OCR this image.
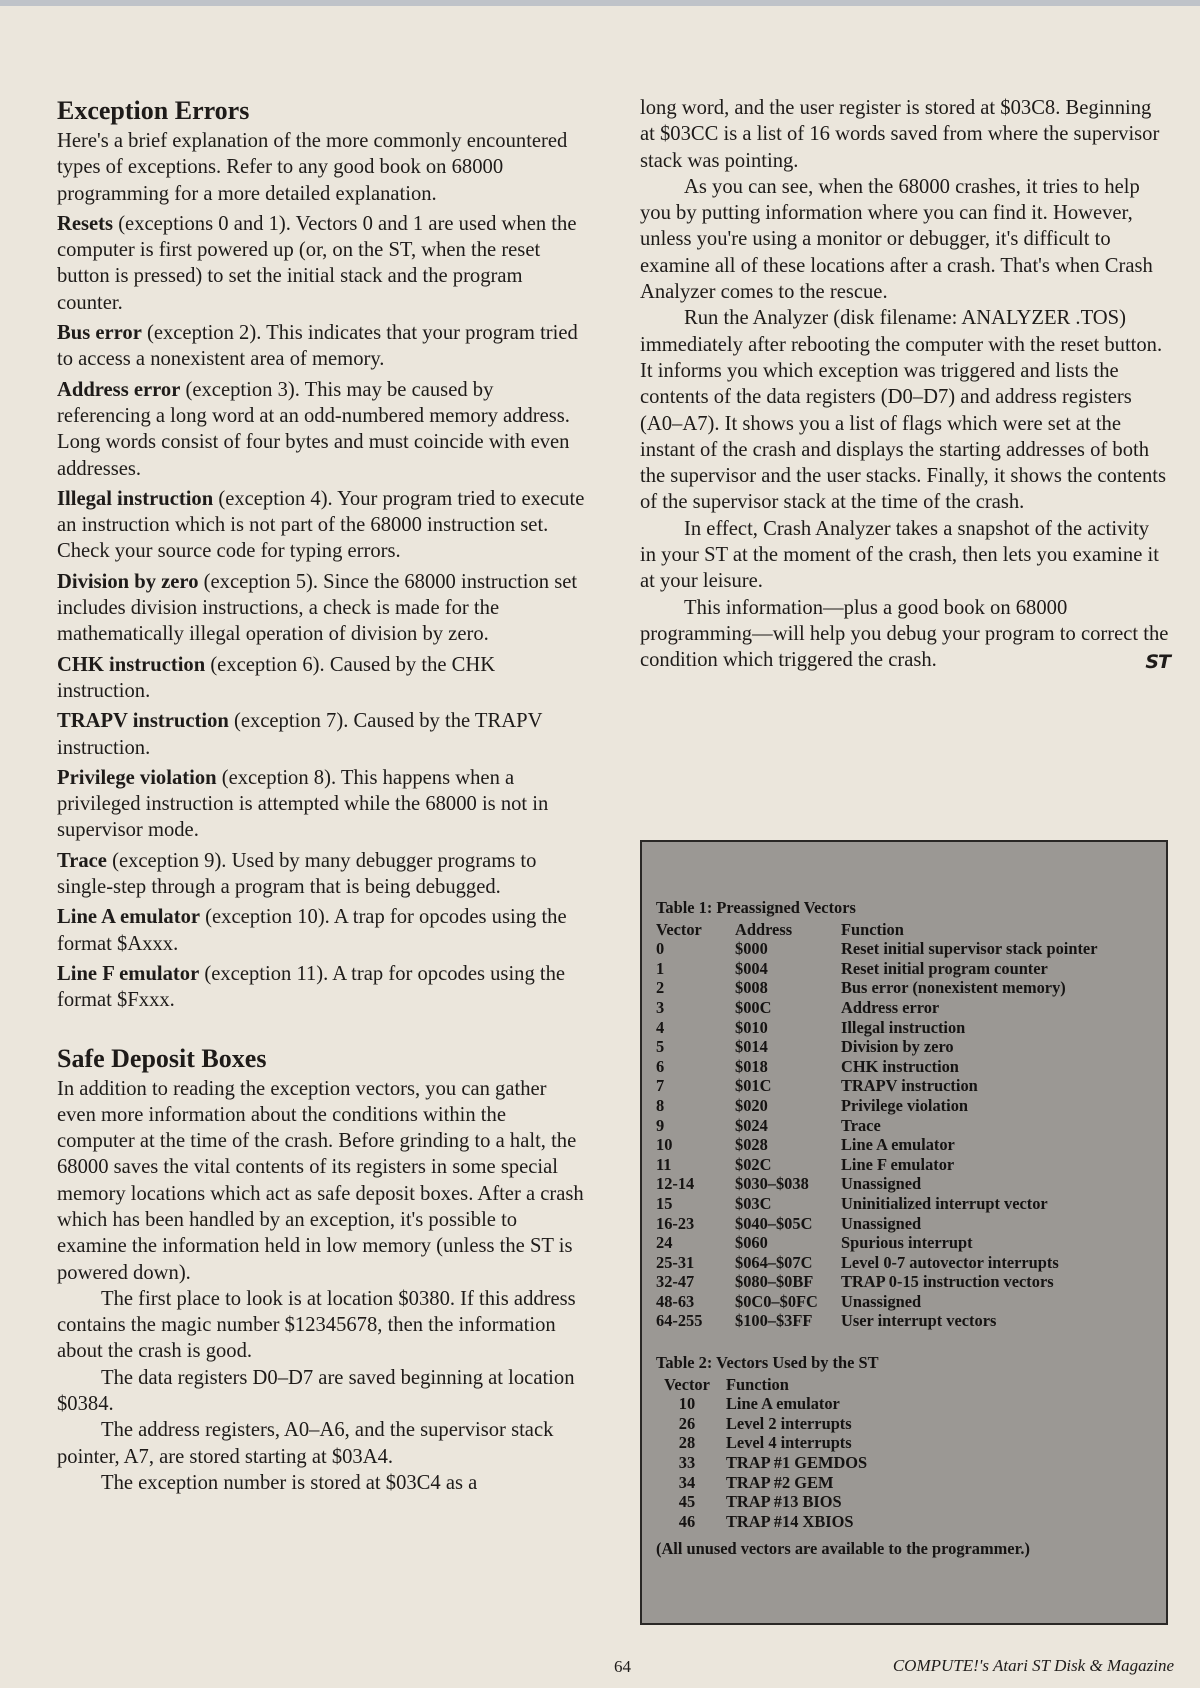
Exception Errors

Here's a brief explanation of the more commonly encountered types of exceptions. Refer to any good book on 68000 programming for a more detailed explanation.

Resets (exceptions 0 and 1). Vectors 0 and 1 are used when the computer is first powered up (or, on the ST, when the reset button is pressed) to set the initial stack and the program counter.

Bus error (exception 2). This indicates that your program tried to access a nonexistent area of memory.

Address error (exception 3). This may be caused by referencing a long word at an odd-numbered memory address. Long words consist of four bytes and must coincide with even addresses.

Illegal instruction (exception 4). Your program tried to execute an instruction which is not part of the 68000 instruction set. Check your source code for typing errors.

Division by zero (exception 5). Since the 68000 instruction set includes division instructions, a check is made for the mathematically illegal operation of division by zero.

CHK instruction (exception 6). Caused by the CHK instruction.

TRAPV instruction (exception 7). Caused by the TRAPV instruction.

Privilege violation (exception 8). This happens when a privileged instruction is attempted while the 68000 is not in supervisor mode.

Trace (exception 9). Used by many debugger programs to single-step through a program that is being debugged.

Line A emulator (exception 10). A trap for opcodes using the format $Axxx.

Line F emulator (exception 11). A trap for opcodes using the format $Fxxx.

Safe Deposit Boxes

In addition to reading the exception vectors, you can gather even more information about the conditions within the computer at the time of the crash. Before grinding to a halt, the 68000 saves the vital contents of its registers in some special memory locations which act as safe deposit boxes. After a crash which has been handled by an exception, it's possible to examine the information held in low memory (unless the ST is powered down).

The first place to look is at location $0380. If this address contains the magic number $12345678, then the information about the crash is good.

The data registers D0–D7 are saved beginning at location $0384.

The address registers, A0–A6, and the supervisor stack pointer, A7, are stored starting at $03A4.

The exception number is stored at $03C4 as a

long word, and the user register is stored at $03C8. Beginning at $03CC is a list of 16 words saved from where the supervisor stack was pointing.

As you can see, when the 68000 crashes, it tries to help you by putting information where you can find it. However, unless you're using a monitor or debugger, it's difficult to examine all of these locations after a crash. That's when Crash Analyzer comes to the rescue.

Run the Analyzer (disk filename: ANALYZER .TOS) immediately after rebooting the computer with the reset button. It informs you which exception was triggered and lists the contents of the data registers (D0–D7) and address registers (A0–A7). It shows you a list of flags which were set at the instant of the crash and displays the starting addresses of both the supervisor and the user stacks. Finally, it shows the contents of the supervisor stack at the time of the crash.

In effect, Crash Analyzer takes a snapshot of the activity in your ST at the moment of the crash, then lets you examine it at your leisure.

This information—plus a good book on 68000 programming—will help you debug your program to correct the condition which triggered the crash.	ST

Table 1: Preassigned Vectors
Vector	Address	Function
0	$000	Reset initial supervisor stack pointer
1	$004	Reset initial program counter
2	$008	Bus error (nonexistent memory)
3	$00C	Address error
4	$010	Illegal instruction
5	$014	Division by zero
6	$018	CHK instruction
7	$01C	TRAPV instruction
8	$020	Privilege violation
9	$024	Trace
10	$028	Line A emulator
11	$02C	Line F emulator
12-14	$030–$038	Unassigned
15	$03C	Uninitialized interrupt vector
16-23	$040–$05C	Unassigned
24	$060	Spurious interrupt
25-31	$064–$07C	Level 0-7 autovector interrupts
32-47	$080–$0BF	TRAP 0-15 instruction vectors
48-63	$0C0–$0FC	Unassigned
64-255	$100–$3FF	User interrupt vectors
Table 2: Vectors Used by the ST
Vector Function
10	Line A emulator
26	Level 2 interrupts
28	Level 4 interrupts
33	TRAP #1 GEMDOS
34	TRAP #2 GEM
45	TRAP #13 BIOS
46	TRAP #14 XBIOS
(All unused vectors are available to the programmer.)
64	COMPUTE!'s Atari ST Disk & Magazine
